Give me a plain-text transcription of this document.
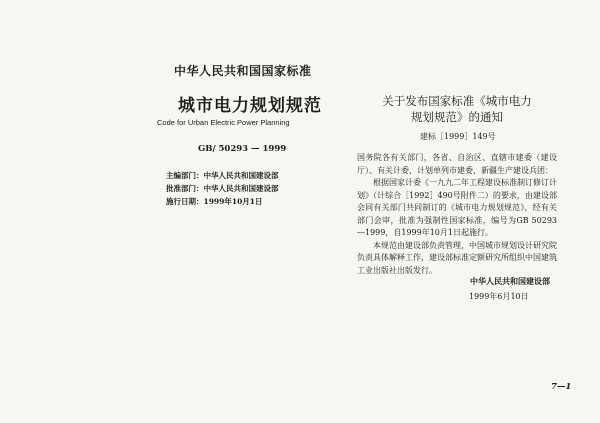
中华人民共和国国家标准
城市电力规划规范
Code for Urban Electric Power Planning
GB/ 50293 — 1999
主编部门：中华人民共和国建设部
批准部门：中华人民共和国建设部
施行日期：1999年10月1日
关于发布国家标准《城市电力
规划规范》的通知
建标［1999］149号

国务院各有关部门，各省、自治区、直辖市建委（建设厅）、有关计委，计划单列市建委，新疆生产建设兵团：

根据国家计委《一九九二年工程建设标准制订修订计划》（计综合［1992］490号附件二）的要求，由建设部会同有关部门共同制订的《城市电力规划规范》，经有关部门会审，批准为强制性国家标准，编号为GB 50293—1999，自1999年10月1日起施行。

本规范由建设部负责管理，中国城市规划设计研究院负责具体解释工作，建设部标准定额研究所组织中国建筑工业出版社出版发行。

中华人民共和国建设部
1999年6月10日
7—1
